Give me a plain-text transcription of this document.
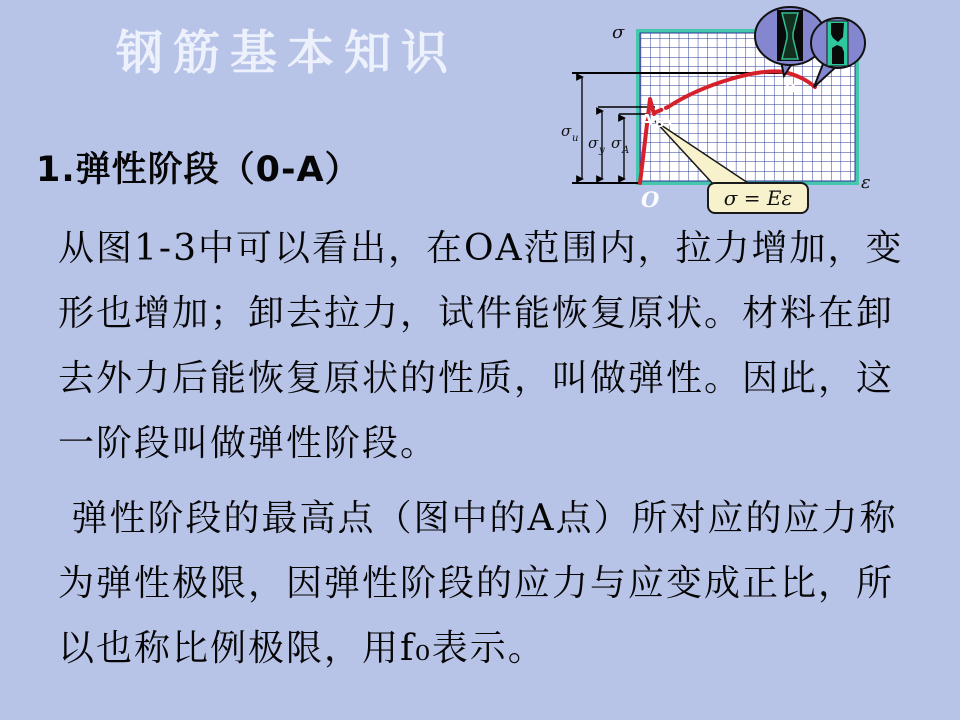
钢筋基本知识
1.弹性阶段（0-A）
从图1-3中可以看出，在OA范围内，拉力增加，变
形也增加；卸去拉力，试件能恢复原状。材料在卸
去外力后能恢复原状的性质，叫做弹性。因此，这
一阶段叫做弹性阶段。
弹性阶段的最高点（图中的A点）所对应的应力称
为弹性极限，因弹性阶段的应力与应变成正比，所
以也称比例极限，用f₀表示。
σ u σ y σ A
σ
ε
O	σ = Eε
A B C
D
